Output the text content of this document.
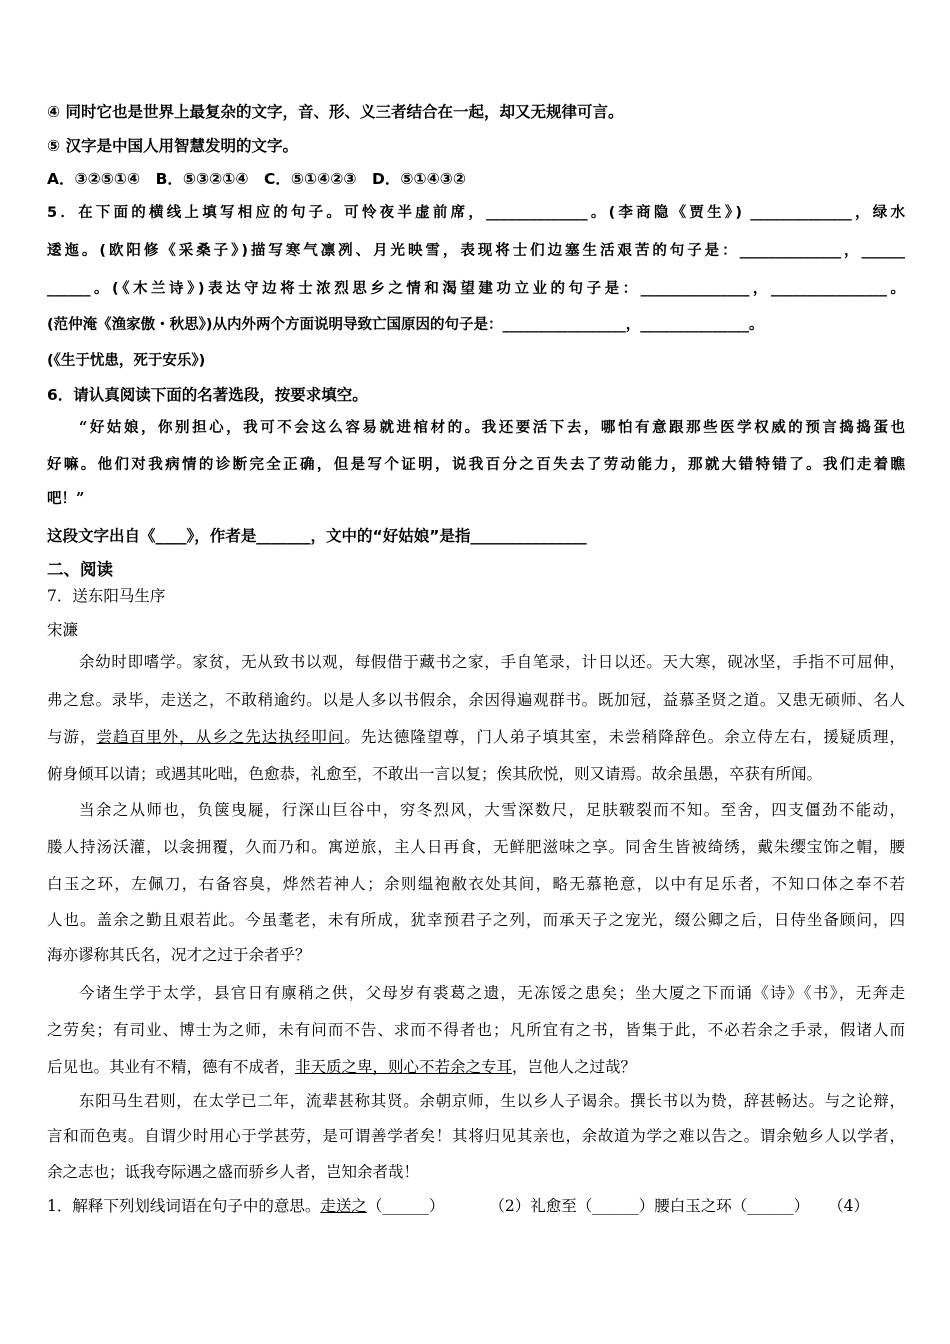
④ 同时它也是世界上最复杂的文字，音、形、义三者结合在一起，却又无规律可言。
⑤ 汉字是中国人用智慧发明的文字。
A．③②⑤①④　B．⑤③②①④　C．⑤①④②③　D．⑤①④③②
5．在下面的横线上填写相应的句子。可怜夜半虚前席，______________。(李商隐《贾生》) ______________，绿水
逶迤。(欧阳修《采桑子》)描写寒气凛冽、月光映雪，表现将士们边塞生活艰苦的句子是：______________，______
______。(《木兰诗》)表达守边将士浓烈思乡之情和渴望建功立业的句子是：_______________，________________。
(范仲淹《渔家傲・秋思》)从内外两个方面说明导致亡国原因的句子是：_________________，_______________。
(《生于忧患，死于安乐》)
6．请认真阅读下面的名著选段，按要求填空。
“好姑娘，你别担心，我可不会这么容易就进棺材的。我还要活下去，哪怕有意跟那些医学权威的预言捣捣蛋也
好嘛。他们对我病情的诊断完全正确，但是写个证明，说我百分之百失去了劳动能力，那就大错特错了。我们走着瞧
吧！”
这段文字出自《____》，作者是_______，文中的“好姑娘”是指_______________
二、阅读
7．送东阳马生序
宋濂
余幼时即嗜学。家贫，无从致书以观，每假借于藏书之家，手自笔录，计日以还。天大寒，砚冰坚，手指不可屈伸，
弗之怠。录毕，走送之，不敢稍逾约。以是人多以书假余，余因得遍观群书。既加冠，益慕圣贤之道。又患无硕师、名人
与游，尝趋百里外，从乡之先达执经叩问。先达德隆望尊，门人弟子填其室，未尝稍降辞色。余立侍左右，援疑质理，
俯身倾耳以请；或遇其叱咄，色愈恭，礼愈至，不敢出一言以复；俟其欣悦，则又请焉。故余虽愚，卒获有所闻。
当余之从师也，负箧曳屣，行深山巨谷中，穷冬烈风，大雪深数尺，足肤皲裂而不知。至舍，四支僵劲不能动，
媵人持汤沃灌，以衾拥覆，久而乃和。寓逆旅，主人日再食，无鲜肥滋味之享。同舍生皆被绮绣，戴朱缨宝饰之帽，腰
白玉之环，左佩刀，右备容臭，烨然若神人；余则缊袍敝衣处其间，略无慕艳意，以中有足乐者，不知口体之奉不若
人也。盖余之勤且艰若此。今虽耄老，未有所成，犹幸预君子之列，而承天子之宠光，缀公卿之后，日侍坐备顾问，四
海亦谬称其氏名，况才之过于余者乎？
今诸生学于太学，县官日有廪稍之供，父母岁有裘葛之遗，无冻馁之患矣；坐大厦之下而诵《诗》《书》，无奔走
之劳矣；有司业、博士为之师，未有问而不告、求而不得者也；凡所宜有之书，皆集于此，不必若余之手录，假诸人而
后见也。其业有不精，德有不成者，非天质之卑，则心不若余之专耳，岂他人之过哉？
东阳马生君则，在太学已二年，流辈甚称其贤。余朝京师，生以乡人子谒余。撰长书以为贽，辞甚畅达。与之论辩，
言和而色夷。自谓少时用心于学甚劳，是可谓善学者矣！其将归见其亲也，余故道为学之难以告之。谓余勉乡人以学者，
余之志也；诋我夸际遇之盛而骄乡人者，岂知余者哉！
1．解释下列划线词语在句子中的意思。走送之（______）	（2）礼愈至（______）腰白玉之环（______） （4）
